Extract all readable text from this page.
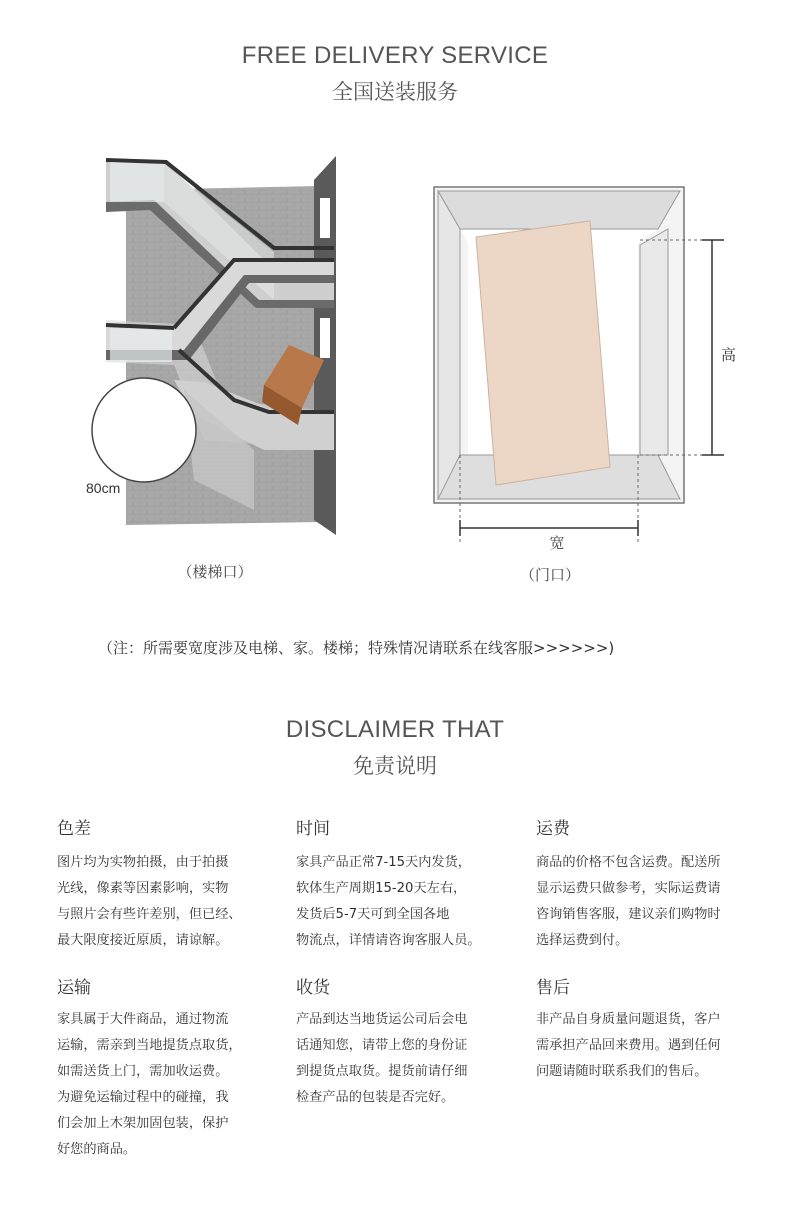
FREE DELIVERY SERVICE
全国送装服务
80cm
高
宽
（楼梯口）	（门口）
（注：所需要宽度涉及电梯、家。楼梯；特殊情况请联系在线客服>>>>>>)
DISCLAIMER THAT
免责说明
色差
图片均为实物拍摄，由于拍摄
光线，像素等因素影响，实物
与照片会有些许差别，但已经、
最大限度接近原质，请谅解。
时间
家具产品正常7-15天内发货，
软体生产周期15-20天左右，
发货后5-7天可到全国各地
物流点，详情请咨询客服人员。
运费
商品的价格不包含运费。配送所
显示运费只做参考，实际运费请
咨询销售客服，建议亲们购物时
选择运费到付。
运输
家具属于大件商品，通过物流
运输，需亲到当地提货点取货，
如需送货上门，需加收运费。
为避免运输过程中的碰撞，我
们会加上木架加固包装，保护
好您的商品。
收货
产品到达当地货运公司后会电
话通知您，请带上您的身份证
到提货点取货。提货前请仔细
检查产品的包装是否完好。
售后
非产品自身质量问题退货，客户
需承担产品回来费用。遇到任何
问题请随时联系我们的售后。
